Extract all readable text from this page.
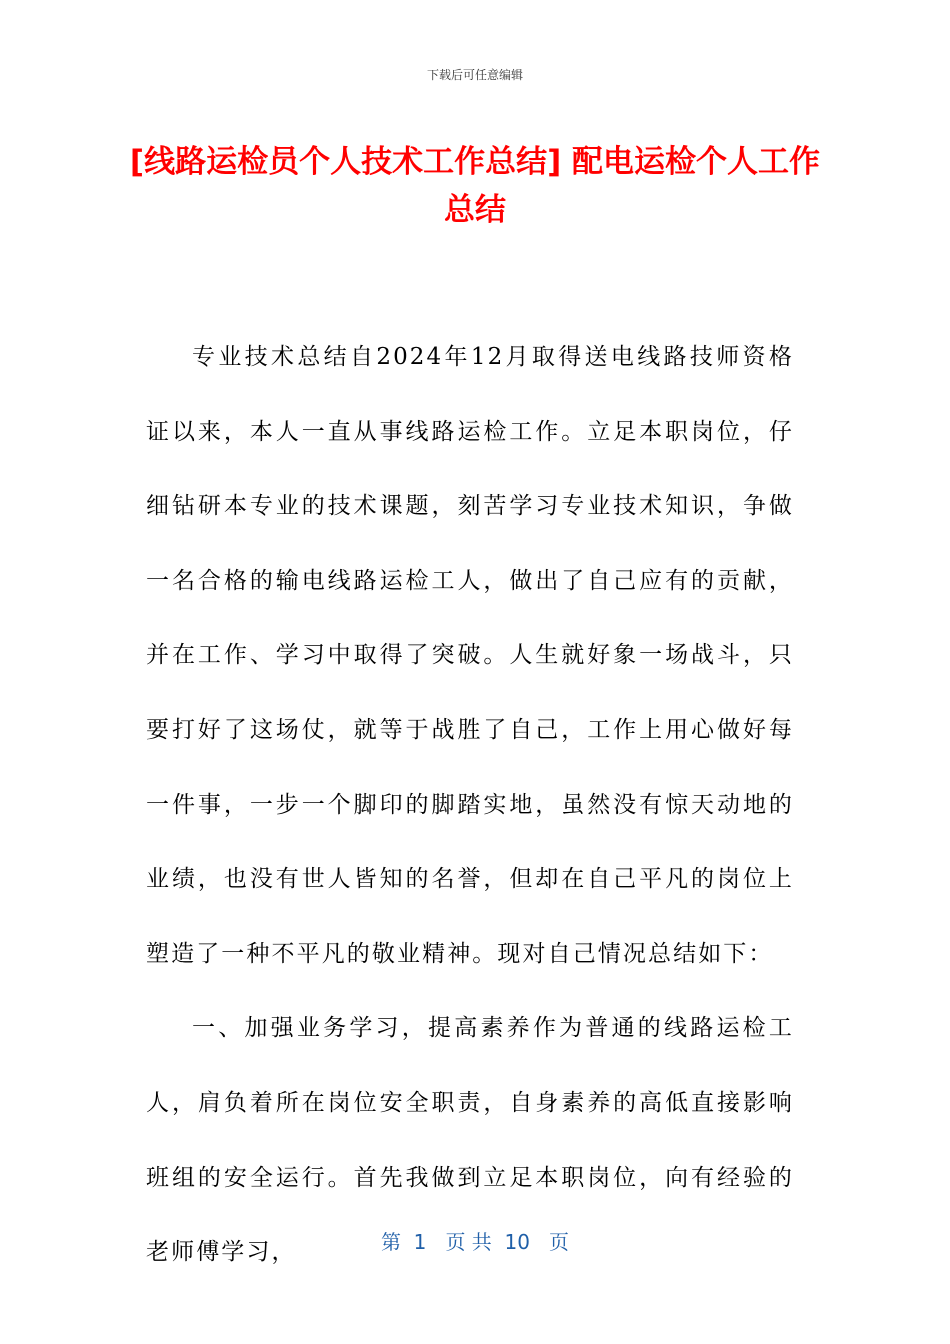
下载后可任意编辑
[线路运检员个人技术工作总结] 配电运检个人工作总结

专业技术总结自2024年12月取得送电线路技师资格证以来，本人一直从事线路运检工作。立足本职岗位，仔细钻研本专业的技术课题，刻苦学习专业技术知识，争做一名合格的输电线路运检工人，做出了自己应有的贡献，并在工作、学习中取得了突破。人生就好象一场战斗，只要打好了这场仗，就等于战胜了自己，工作上用心做好每一件事，一步一个脚印的脚踏实地，虽然没有惊天动地的业绩，也没有世人皆知的名誉，但却在自己平凡的岗位上塑造了一种不平凡的敬业精神。现对自己情况总结如下：

一、加强业务学习，提高素养作为普通的线路运检工人，肩负着所在岗位安全职责，自身素养的高低直接影响班组的安全运行。首先我做到立足本职岗位，向有经验的老师傅学习，	第  1   页 共  10   页
